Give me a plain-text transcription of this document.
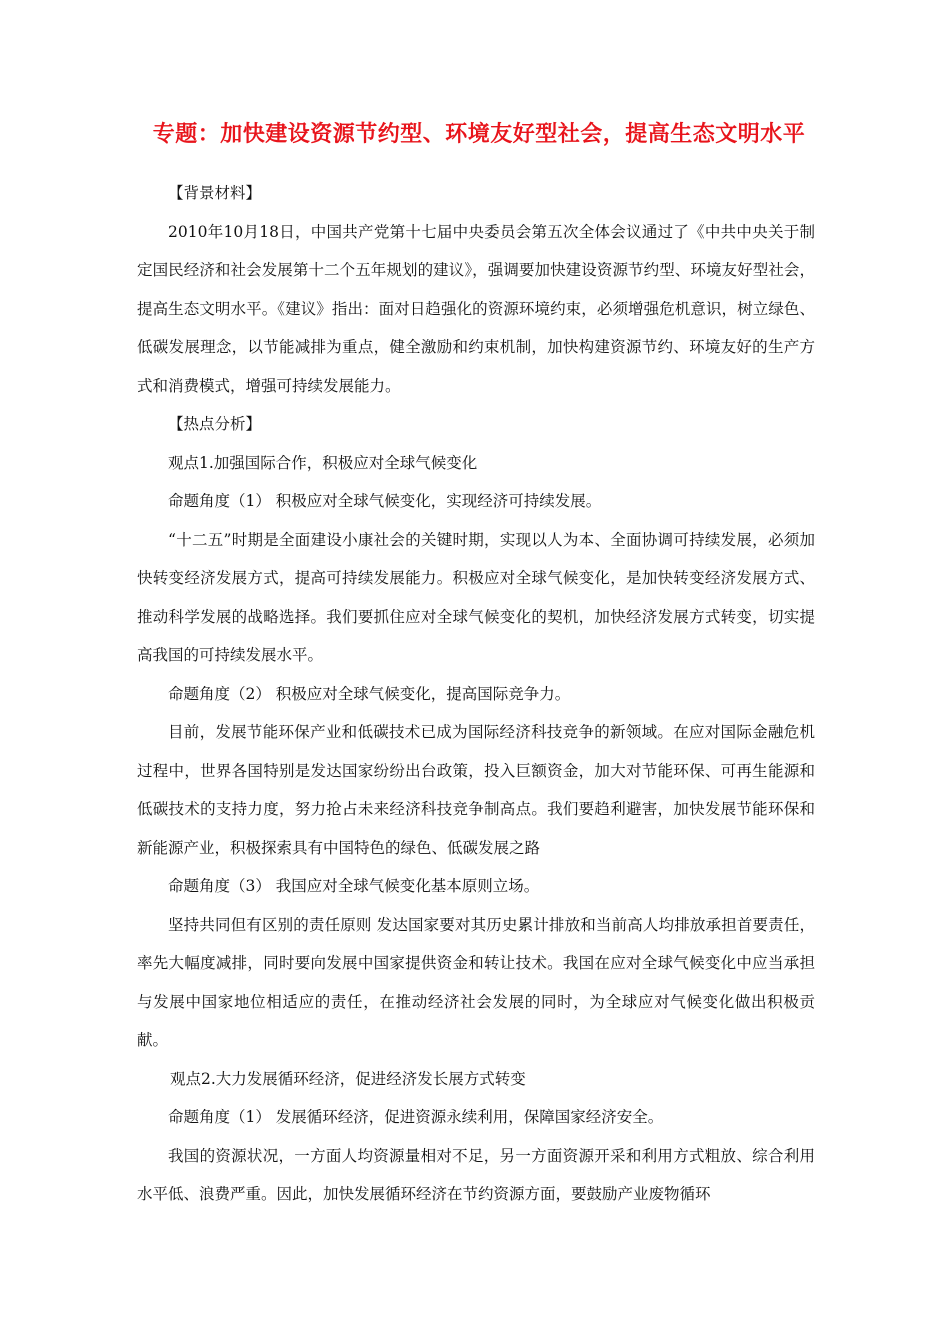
专题：加快建设资源节约型、环境友好型社会，提高生态文明水平

【背景材料】

2010年10月18日，中国共产党第十七届中央委员会第五次全体会议通过了《中共中央关于制定国民经济和社会发展第十二个五年规划的建议》，强调要加快建设资源节约型、环境友好型社会，提高生态文明水平。《建议》指出：面对日趋强化的资源环境约束，必须增强危机意识，树立绿色、低碳发展理念，以节能减排为重点，健全激励和约束机制，加快构建资源节约、环境友好的生产方式和消费模式，增强可持续发展能力。

【热点分析】

观点1.加强国际合作，积极应对全球气候变化

命题角度（1） 积极应对全球气候变化，实现经济可持续发展。

“十二五”时期是全面建设小康社会的关键时期，实现以人为本、全面协调可持续发展，必须加快转变经济发展方式，提高可持续发展能力。积极应对全球气候变化，是加快转变经济发展方式、推动科学发展的战略选择。我们要抓住应对全球气候变化的契机，加快经济发展方式转变，切实提高我国的可持续发展水平。

命题角度（2） 积极应对全球气候变化，提高国际竞争力。

目前，发展节能环保产业和低碳技术已成为国际经济科技竞争的新领域。在应对国际金融危机过程中，世界各国特别是发达国家纷纷出台政策，投入巨额资金，加大对节能环保、可再生能源和低碳技术的支持力度，努力抢占未来经济科技竞争制高点。我们要趋利避害，加快发展节能环保和新能源产业，积极探索具有中国特色的绿色、低碳发展之路

命题角度（3） 我国应对全球气候变化基本原则立场。

坚持共同但有区别的责任原则 发达国家要对其历史累计排放和当前高人均排放承担首要责任，率先大幅度减排，同时要向发展中国家提供资金和转让技术。我国在应对全球气候变化中应当承担与发展中国家地位相适应的责任，在推动经济社会发展的同时，为全球应对气候变化做出积极贡献。

观点2.大力发展循环经济，促进经济发长展方式转变

命题角度（1） 发展循环经济，促进资源永续利用，保障国家经济安全。

我国的资源状况，一方面人均资源量相对不足，另一方面资源开采和利用方式粗放、综合利用水平低、浪费严重。因此，加快发展循环经济在节约资源方面，要鼓励产业废物循环
